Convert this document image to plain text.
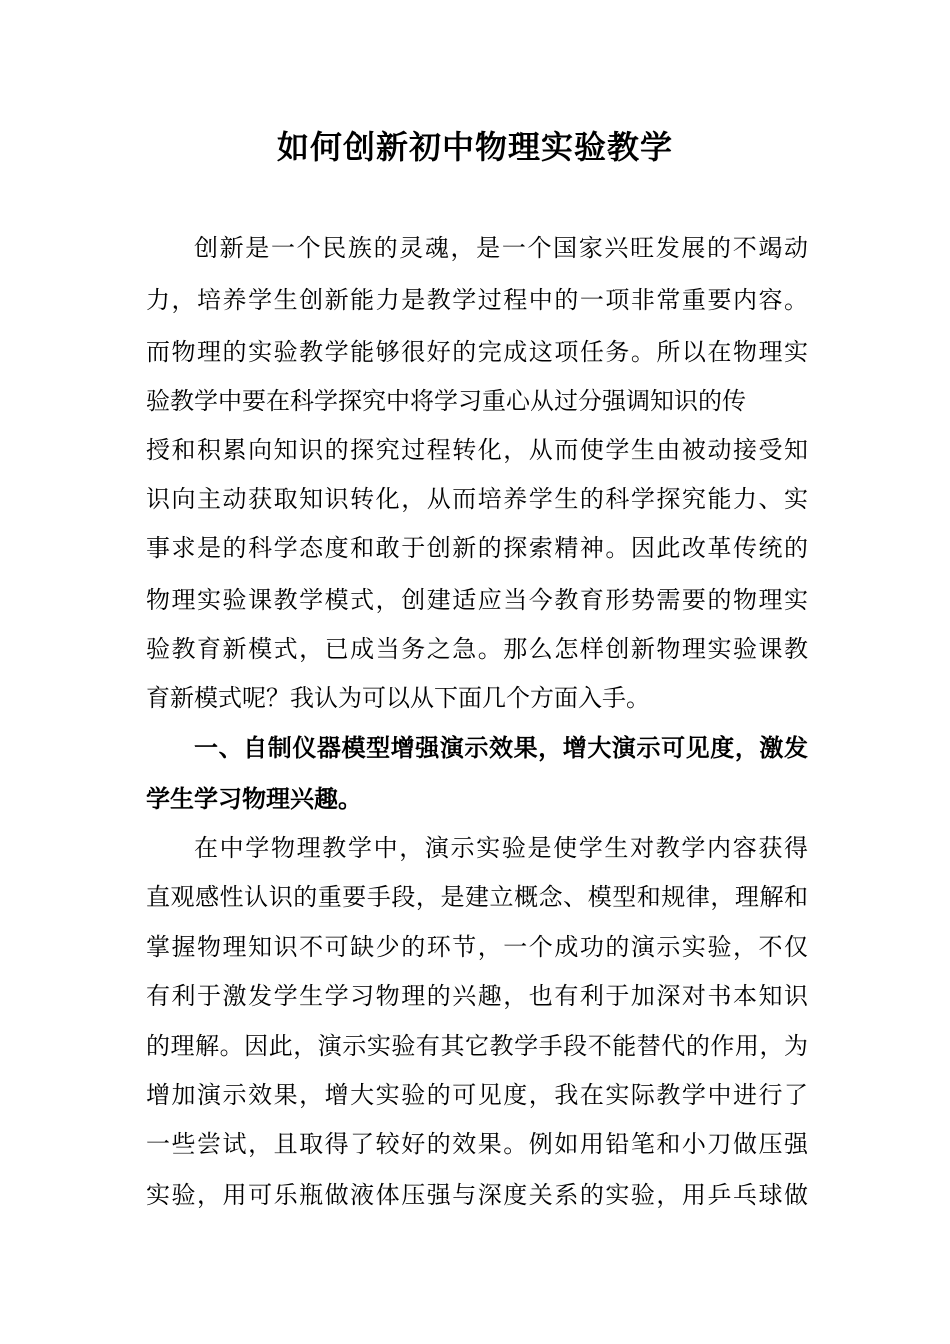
如何创新初中物理实验教学
创新是一个民族的灵魂，是一个国家兴旺发展的不竭动
力，培养学生创新能力是教学过程中的一项非常重要内容。
而物理的实验教学能够很好的完成这项任务。所以在物理实
验教学中要在科学探究中将学习重心从过分强调知识的传
授和积累向知识的探究过程转化，从而使学生由被动接受知
识向主动获取知识转化，从而培养学生的科学探究能力、实
事求是的科学态度和敢于创新的探索精神。因此改革传统的
物理实验课教学模式，创建适应当今教育形势需要的物理实
验教育新模式，已成当务之急。那么怎样创新物理实验课教
育新模式呢？我认为可以从下面几个方面入手。
一、自制仪器模型增强演示效果，增大演示可见度，激发
学生学习物理兴趣。
在中学物理教学中，演示实验是使学生对教学内容获得
直观感性认识的重要手段，是建立概念、模型和规律，理解和
掌握物理知识不可缺少的环节，一个成功的演示实验，不仅
有利于激发学生学习物理的兴趣，也有利于加深对书本知识
的理解。因此，演示实验有其它教学手段不能替代的作用，为
增加演示效果，增大实验的可见度，我在实际教学中进行了
一些尝试，且取得了较好的效果。例如用铅笔和小刀做压强
实验，用可乐瓶做液体压强与深度关系的实验，用乒乓球做
